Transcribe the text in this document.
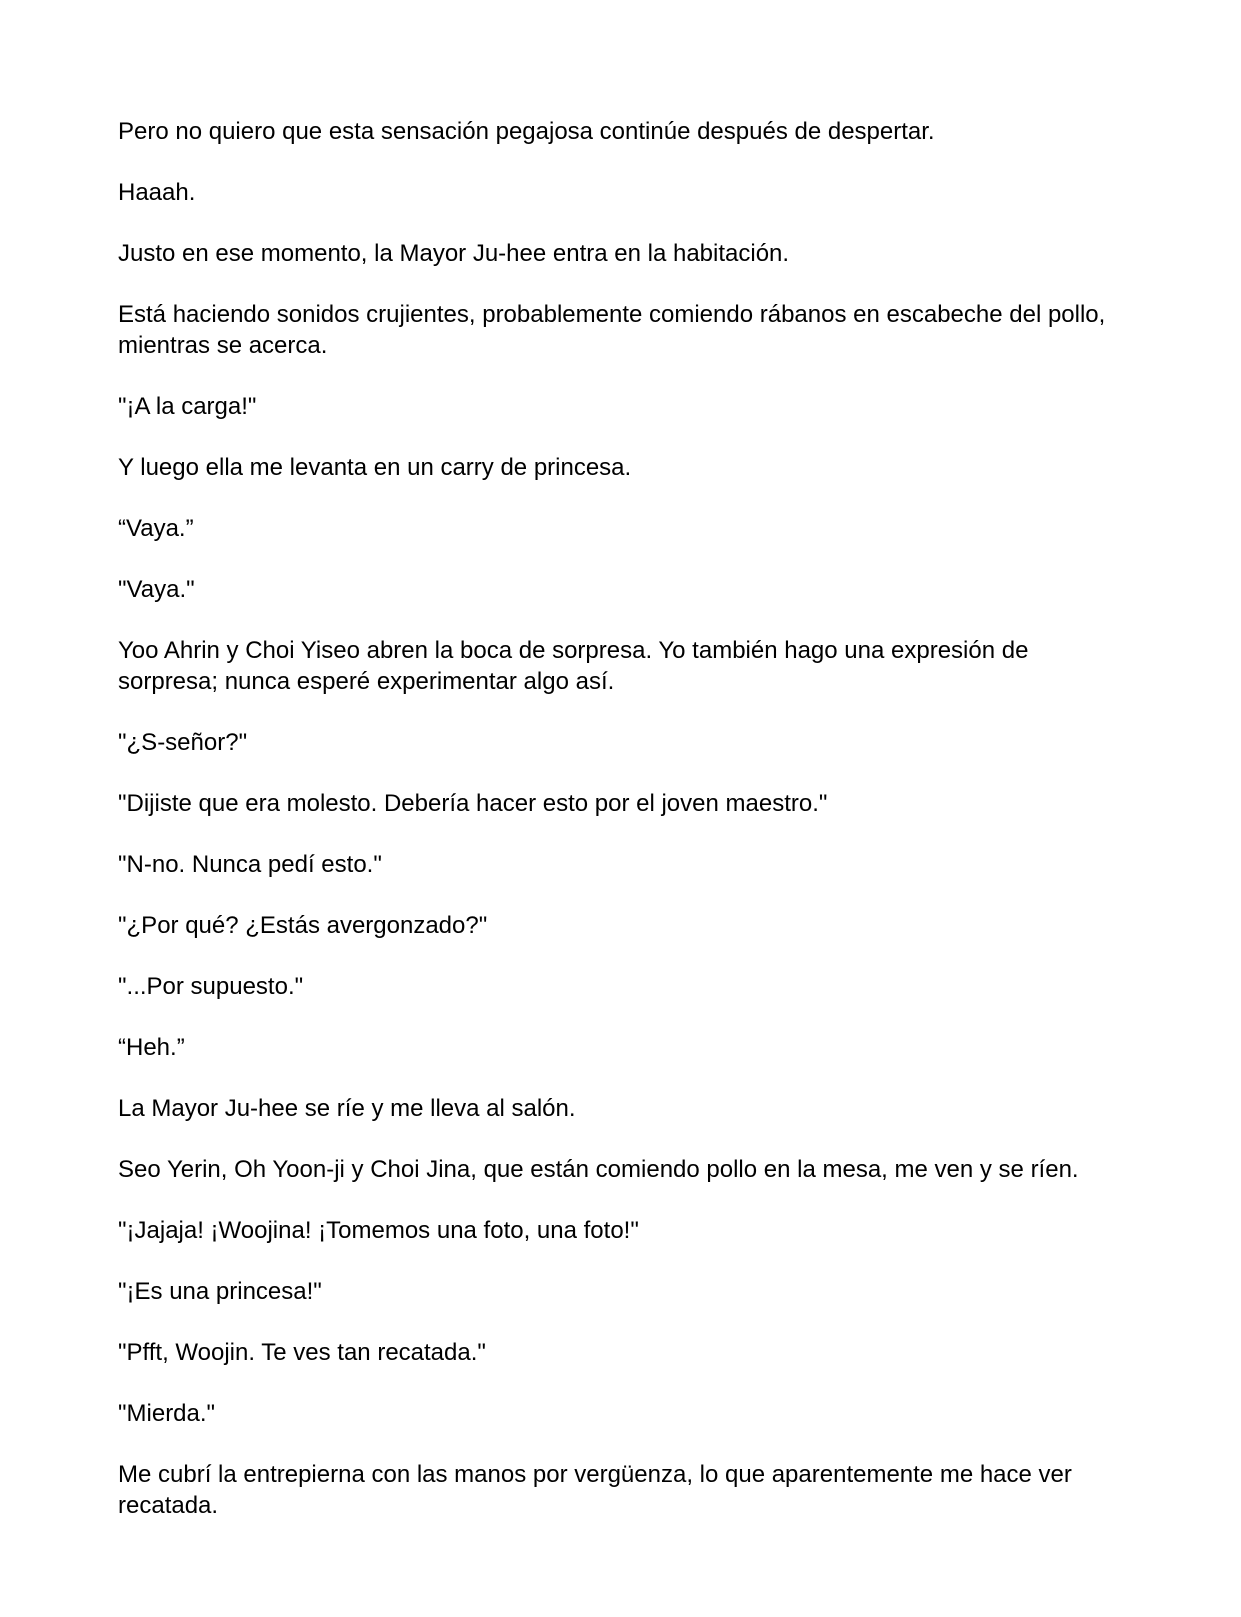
Pero no quiero que esta sensación pegajosa continúe después de despertar.

Haaah.

Justo en ese momento, la Mayor Ju-hee entra en la habitación.

Está haciendo sonidos crujientes, probablemente comiendo rábanos en escabeche del pollo, mientras se acerca.

"¡A la carga!"

Y luego ella me levanta en un carry de princesa.

“Vaya.”

"Vaya."

Yoo Ahrin y Choi Yiseo abren la boca de sorpresa. Yo también hago una expresión de sorpresa; nunca esperé experimentar algo así.

"¿S-señor?"

"Dijiste que era molesto. Debería hacer esto por el joven maestro."

"N-no. Nunca pedí esto."

"¿Por qué? ¿Estás avergonzado?"

"...Por supuesto."

“Heh.”

La Mayor Ju-hee se ríe y me lleva al salón.

Seo Yerin, Oh Yoon-ji y Choi Jina, que están comiendo pollo en la mesa, me ven y se ríen.

"¡Jajaja! ¡Woojina! ¡Tomemos una foto, una foto!"

"¡Es una princesa!"

"Pfft, Woojin. Te ves tan recatada."

"Mierda."

Me cubrí la entrepierna con las manos por vergüenza, lo que aparentemente me hace ver recatada.
